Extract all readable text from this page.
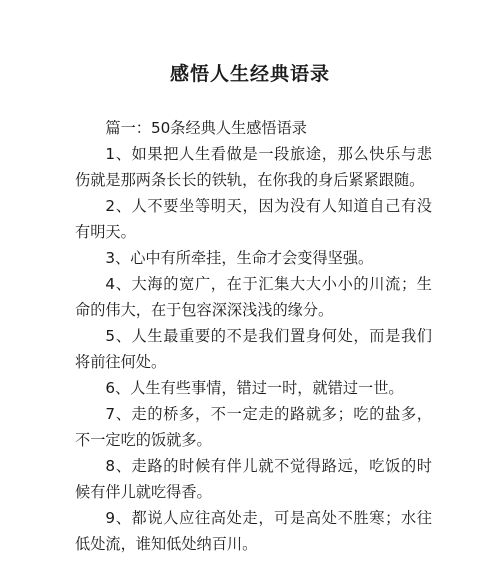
感悟人生经典语录

篇一：50条经典人生感悟语录

1、如果把人生看做是一段旅途，那么快乐与悲伤就是那两条长长的铁轨，在你我的身后紧紧跟随。

2、人不要坐等明天，因为没有人知道自己有没有明天。

3、心中有所牵挂，生命才会变得坚强。

4、大海的宽广，在于汇集大大小小的川流；生命的伟大，在于包容深深浅浅的缘分。

5、人生最重要的不是我们置身何处，而是我们将前往何处。

6、人生有些事情，错过一时，就错过一世。

7、走的桥多，不一定走的路就多；吃的盐多，不一定吃的饭就多。

8、走路的时候有伴儿就不觉得路远，吃饭的时候有伴儿就吃得香。

9、都说人应往高处走，可是高处不胜寒；水往低处流，谁知低处纳百川。
